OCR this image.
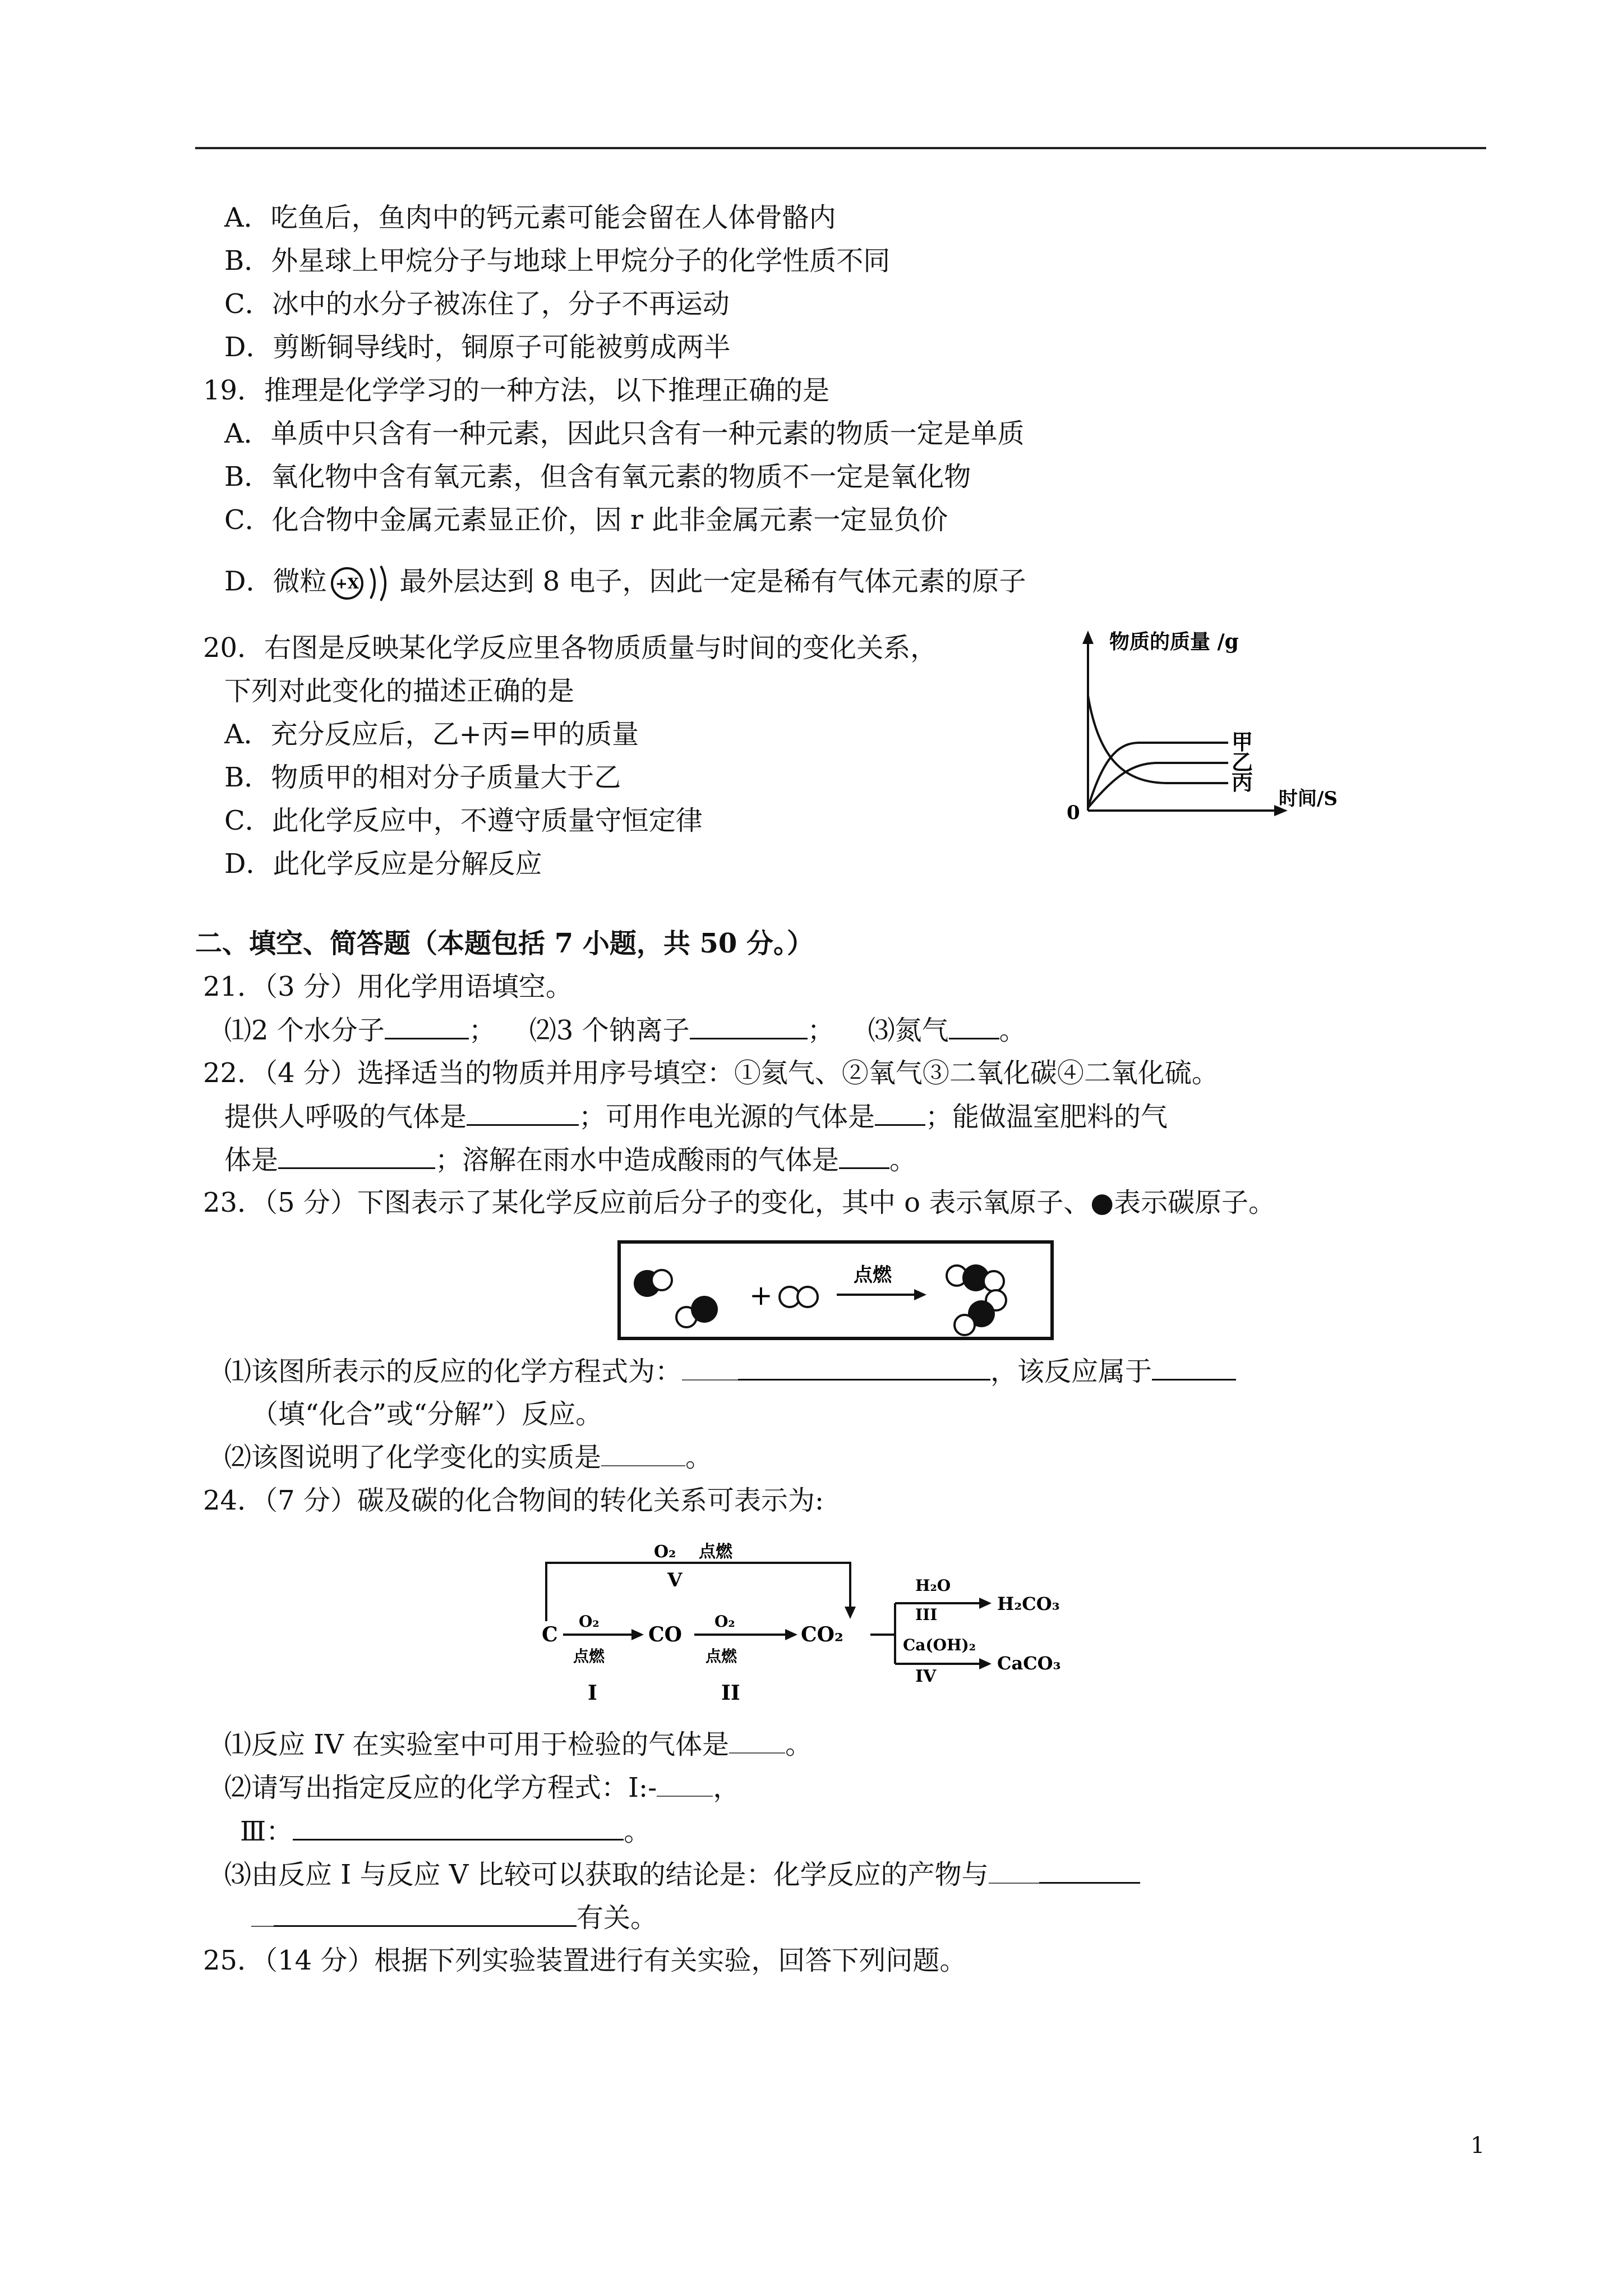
A．吃鱼后，鱼肉中的钙元素可能会留在人体骨骼内
B．外星球上甲烷分子与地球上甲烷分子的化学性质不同
C．冰中的水分子被冻住了，分子不再运动
D．剪断铜导线时，铜原子可能被剪成两半
19．推理是化学学习的一种方法，以下推理正确的是
A．单质中只含有一种元素，因此只含有一种元素的物质一定是单质
B．氧化物中含有氧元素，但含有氧元素的物质不一定是氧化物
C．化合物中金属元素显正价，因 r 此非金属元素一定显负价
D．微粒 +X 最外层达到 8 电子，因此一定是稀有气体元素的原子
20．右图是反映某化学反应里各物质质量与时间的变化关系，
下列对此变化的描述正确的是
A．充分反应后，乙+丙=甲的质量
B．物质甲的相对分子质量大于乙
C．此化学反应中，不遵守质量守恒定律
D．此化学反应是分解反应
物质的质量 /g
时间/S
0
甲
乙
丙
二、填空、简答题（本题包括 7 小题，共 50 分。）
21．（3 分）用化学用语填空。
⑴2 个水分子	； ⑵3 个钠离子	； ⑶氮气 。
22．（4 分）选择适当的物质并用序号填空：①氦气、②氧气③二氧化碳④二氧化硫。
提供人呼吸的气体是	；可用作电光源的气体是 ；能做温室肥料的气
体是	；溶解在雨水中造成酸雨的气体是 。
23．（5 分）下图表示了某化学反应前后分子的变化，其中 o 表示氧原子、●表示碳原子。
+
点燃
⑴该图所表示的反应的化学方程式为：	，该反应属于
（填“化合”或“分解”）反应。
⑵该图说明了化学变化的实质是	。
24．（7 分）碳及碳的化合物间的转化关系可表示为:
O₂ 点燃
V
C
O₂
点燃
I
CO
O₂
点燃
II
CO₂
H₂O
III
H₂CO₃
Ca(OH)₂
IV
CaCO₃
⑴反应 IV 在实验室中可用于检验的气体是 。
⑵请写出指定反应的化学方程式：I:- ，
Ⅲ：	。
⑶由反应 I 与反应 V 比较可以获取的结论是：化学反应的产物与
有关。
25．（14 分）根据下列实验装置进行有关实验，回答下列问题。
1
